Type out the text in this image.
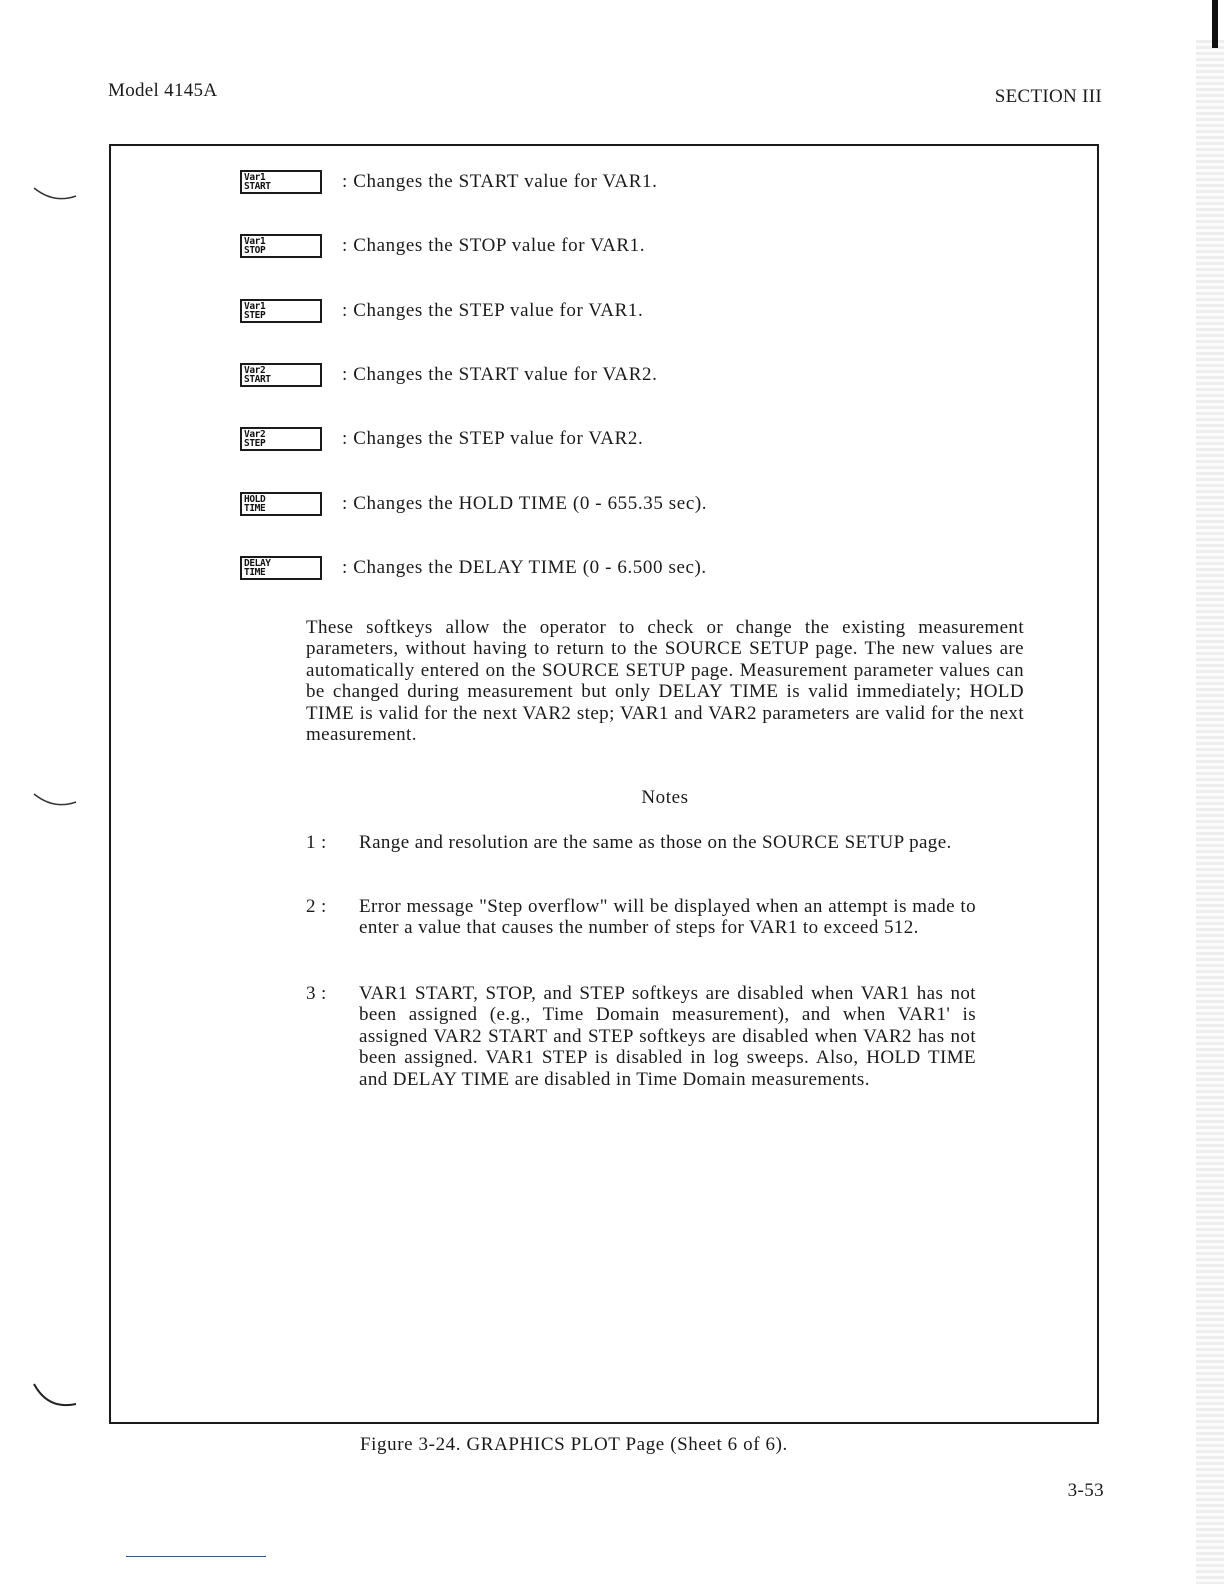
Model 4145A	SECTION III
Var1
START	: Changes the START value for VAR1.
Var1
STOP	: Changes the STOP value for VAR1.
Var1
STEP	: Changes the STEP value for VAR1.
Var2
START	: Changes the START value for VAR2.
Var2
STEP	: Changes the STEP value for VAR2.
HOLD
TIME	: Changes the HOLD TIME (0 - 655.35 sec).
DELAY
TIME	: Changes the DELAY TIME (0 - 6.500 sec).
These softkeys allow the operator to check or change the existing measurement parameters, without having to return to the SOURCE SETUP page. The new values are automatically entered on the SOURCE SETUP page. Measurement parameter values can be changed during measurement but only DELAY TIME is valid immediately; HOLD TIME is valid for the next VAR2 step; VAR1 and VAR2 parameters are valid for the next measurement.
Notes
1 :	Range and resolution are the same as those on the SOURCE SETUP page.
2 :	Error message "Step overflow" will be displayed when an attempt is made to enter a value that causes the number of steps for VAR1 to exceed 512.
3 :	VAR1 START, STOP, and STEP softkeys are disabled when VAR1 has not been assigned (e.g., Time Domain measurement), and when VAR1' is assigned VAR2 START and STEP softkeys are disabled when VAR2 has not been assigned. VAR1 STEP is disabled in log sweeps. Also, HOLD TIME and DELAY TIME are disabled in Time Domain measurements.
Figure 3-24. GRAPHICS PLOT Page (Sheet 6 of 6).
3-53
